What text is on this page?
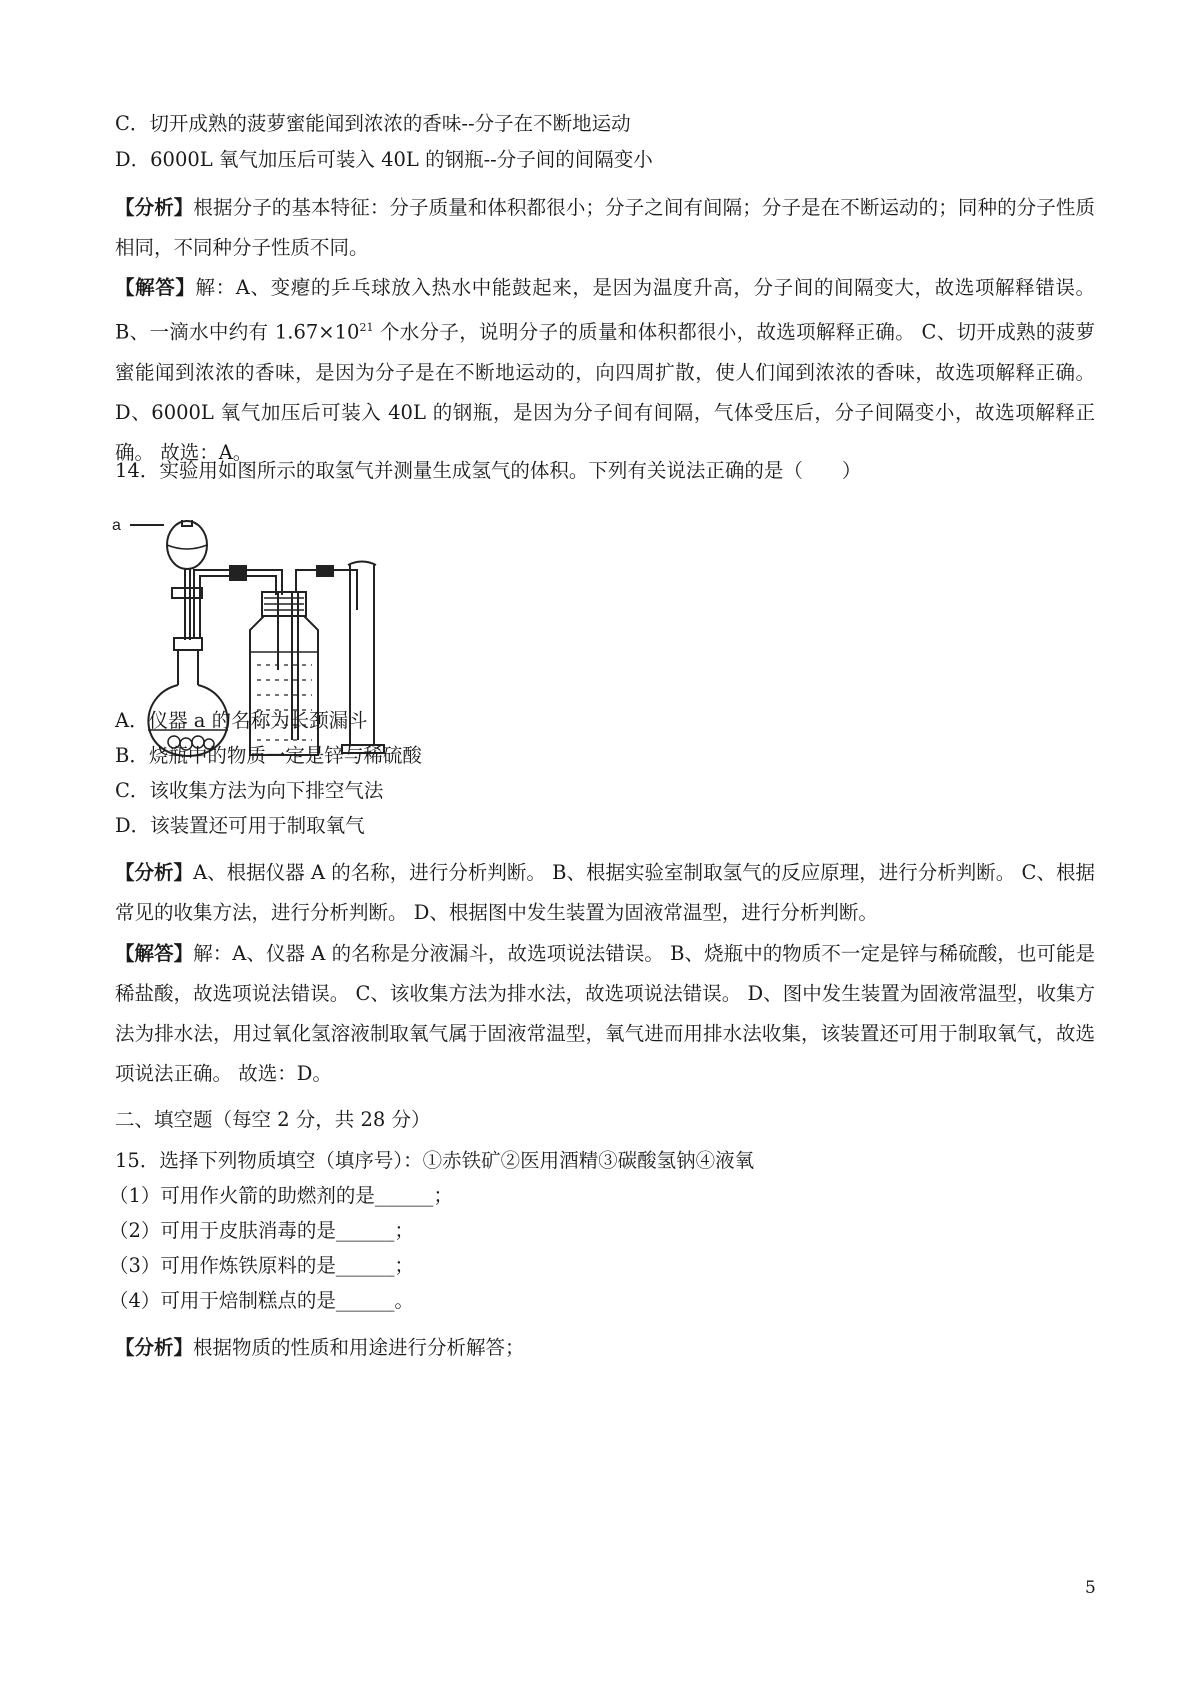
C．切开成熟的菠萝蜜能闻到浓浓的香味--分子在不断地运动
D．6000L 氧气加压后可装入 40L 的钢瓶--分子间的间隔变小
【分析】根据分子的基本特征：分子质量和体积都很小；分子之间有间隔；分子是在不断运动的；同种的分子性质相同，不同种分子性质不同。
【解答】解：A、变瘪的乒乓球放入热水中能鼓起来，是因为温度升高，分子间的间隔变大，故选项解释错误。 B、一滴水中约有 $1.67\times 10^{21}$ 个水分子，说明分子的质量和体积都很小，故选项解释正确。 C、切开成熟的菠萝蜜能闻到浓浓的香味，是因为分子是在不断地运动的，向四周扩散，使人们闻到浓浓的香味，故选项解释正确。 D、6000L 氧气加压后可装入 40L 的钢瓶，是因为分子间有间隔，气体受压后，分子间隔变小，故选项解释正确。 故选：A。
14．实验用如图所示的取氢气并测量生成氢气的体积。下列有关说法正确的是（　　）
a
A．仪器 a 的名称为长颈漏斗
B．烧瓶中的物质一定是锌与稀硫酸
C．该收集方法为向下排空气法
D．该装置还可用于制取氧气
【分析】A、根据仪器 A 的名称，进行分析判断。 B、根据实验室制取氢气的反应原理，进行分析判断。 C、根据常见的收集方法，进行分析判断。 D、根据图中发生装置为固液常温型，进行分析判断。
【解答】解：A、仪器 A 的名称是分液漏斗，故选项说法错误。 B、烧瓶中的物质不一定是锌与稀硫酸，也可能是稀盐酸，故选项说法错误。 C、该收集方法为排水法，故选项说法错误。 D、图中发生装置为固液常温型，收集方法为排水法，用过氧化氢溶液制取氧气属于固液常温型，氧气进而用排水法收集，该装置还可用于制取氧气，故选项说法正确。 故选：D。
二、填空题（每空 2 分，共 28 分）
15．选择下列物质填空（填序号）：①赤铁矿②医用酒精③碳酸氢钠④液氧
（1）可用作火箭的助燃剂的是______；
（2）可用于皮肤消毒的是______；
（3）可用作炼铁原料的是______；
（4）可用于焙制糕点的是______。
【分析】根据物质的性质和用途进行分析解答；
5
